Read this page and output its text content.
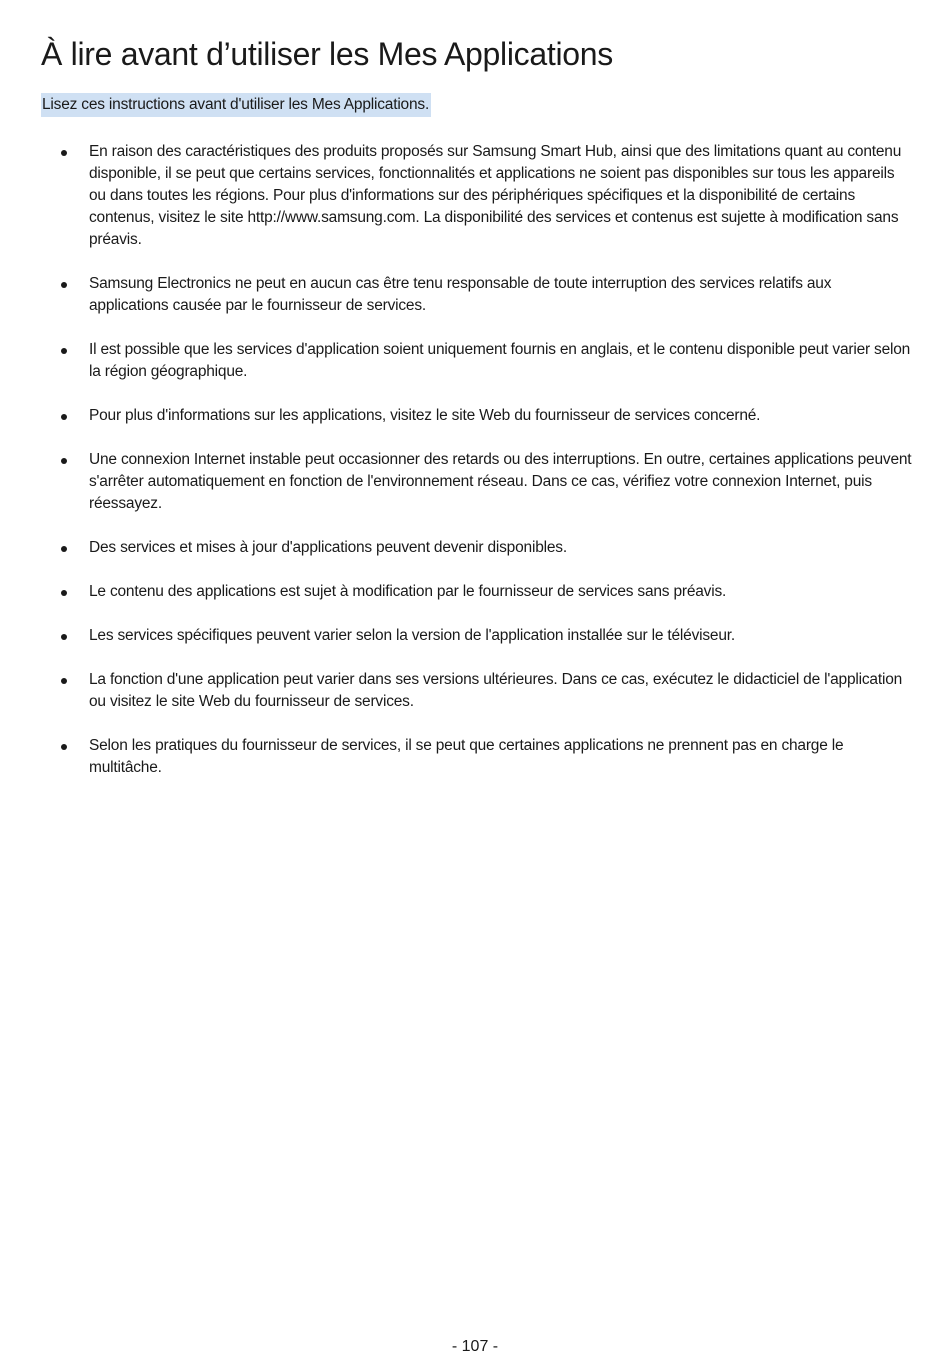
À lire avant d’utiliser les Mes Applications
Lisez ces instructions avant d'utiliser les Mes Applications.
En raison des caractéristiques des produits proposés sur Samsung Smart Hub, ainsi que des limitations quant au contenu disponible, il se peut que certains services, fonctionnalités et applications ne soient pas disponibles sur tous les appareils ou dans toutes les régions. Pour plus d'informations sur des périphériques spécifiques et la disponibilité de certains contenus, visitez le site http://www.samsung.com. La disponibilité des services et contenus est sujette à modification sans préavis.
Samsung Electronics ne peut en aucun cas être tenu responsable de toute interruption des services relatifs aux applications causée par le fournisseur de services.
Il est possible que les services d'application soient uniquement fournis en anglais, et le contenu disponible peut varier selon la région géographique.
Pour plus d'informations sur les applications, visitez le site Web du fournisseur de services concerné.
Une connexion Internet instable peut occasionner des retards ou des interruptions. En outre, certaines applications peuvent s'arrêter automatiquement en fonction de l'environnement réseau. Dans ce cas, vérifiez votre connexion Internet, puis réessayez.
Des services et mises à jour d'applications peuvent devenir disponibles.
Le contenu des applications est sujet à modification par le fournisseur de services sans préavis.
Les services spécifiques peuvent varier selon la version de l'application installée sur le téléviseur.
La fonction d'une application peut varier dans ses versions ultérieures. Dans ce cas, exécutez le didacticiel de l'application ou visitez le site Web du fournisseur de services.
Selon les pratiques du fournisseur de services, il se peut que certaines applications ne prennent pas en charge le multitâche.
- 107 -
